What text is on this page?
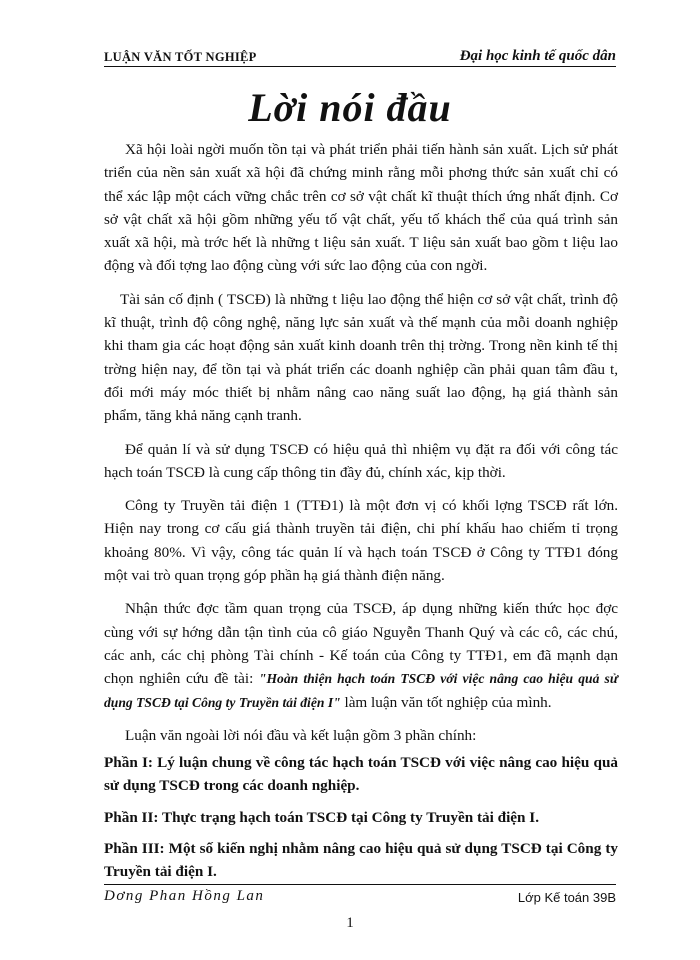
LUẬN VĂN TỐT NGHIỆP	Đại học kinh tế quốc dân
Lời nói đầu

Xã hội loài ngời muốn tồn tại và phát triển phải tiến hành sản xuất. Lịch sử phát triển của nền sản xuất xã hội đã chứng minh rằng mỗi phơng thức sản xuất chỉ có thể xác lập một cách vững chắc trên cơ sở vật chất kĩ thuật thích ứng nhất định. Cơ sở vật chất xã hội gồm những yếu tố vật chất, yếu tố khách thể của quá trình sản xuất xã hội, mà trớc hết là những t liệu sản xuất. T liệu sản xuất bao gồm t liệu lao động và đối tợng lao động cùng với sức lao động của con ngời.

Tài sản cố định ( TSCĐ) là những t liệu lao động thể hiện cơ sở vật chất, trình độ kĩ thuật, trình độ công nghệ, năng lực sản xuất và thế mạnh của mỗi doanh nghiệp khi tham gia các hoạt động sản xuất kinh doanh trên thị trờng. Trong nền kinh tế thị trờng hiện nay, để tồn tại và phát triển các doanh nghiệp cần phải quan tâm đầu t, đổi mới máy móc thiết bị nhằm nâng cao năng suất lao động, hạ giá thành sản phẩm, tăng khả năng cạnh tranh.

Để quản lí và sử dụng TSCĐ có hiệu quả thì nhiệm vụ đặt ra đối với công tác hạch toán TSCĐ là cung cấp thông tin đầy đủ, chính xác, kịp thời.

Công ty Truyền tải điện 1 (TTĐ1) là một đơn vị có khối lợng TSCĐ rất lớn. Hiện nay trong cơ cấu giá thành truyền tải điện, chi phí khấu hao chiếm tỉ trọng khoảng 80%. Vì vậy, công tác quản lí và hạch toán TSCĐ ở Công ty TTĐ1 đóng một vai trò quan trọng góp phần hạ giá thành điện năng.

Nhận thức đợc tầm quan trọng của TSCĐ, áp dụng những kiến thức học đợc cùng với sự hớng dẫn tận tình của cô giáo Nguyễn Thanh Quý và các cô, các chú, các anh, các chị phòng Tài chính - Kế toán của Công ty TTĐ1, em đã mạnh dạn chọn nghiên cứu đề tài: "Hoàn thiện hạch toán TSCĐ với việc nâng cao hiệu quả sử dụng TSCĐ tại Công ty Truyền tải điện I" làm luận văn tốt nghiệp của mình.

Luận văn ngoài lời nói đầu và kết luận gồm 3 phần chính:

Phần I: Lý luận chung về công tác hạch toán TSCĐ với việc nâng cao hiệu quả sử dụng TSCĐ trong các doanh nghiệp.

Phần II: Thực trạng hạch toán TSCĐ tại Công ty Truyền tải điện I.

Phần III: Một số kiến nghị nhằm nâng cao hiệu quả sử dụng TSCĐ tại Công ty Truyền tải điện I.

Dơng Phan Hồng Lan	Lớp Kế toán 39B
1
